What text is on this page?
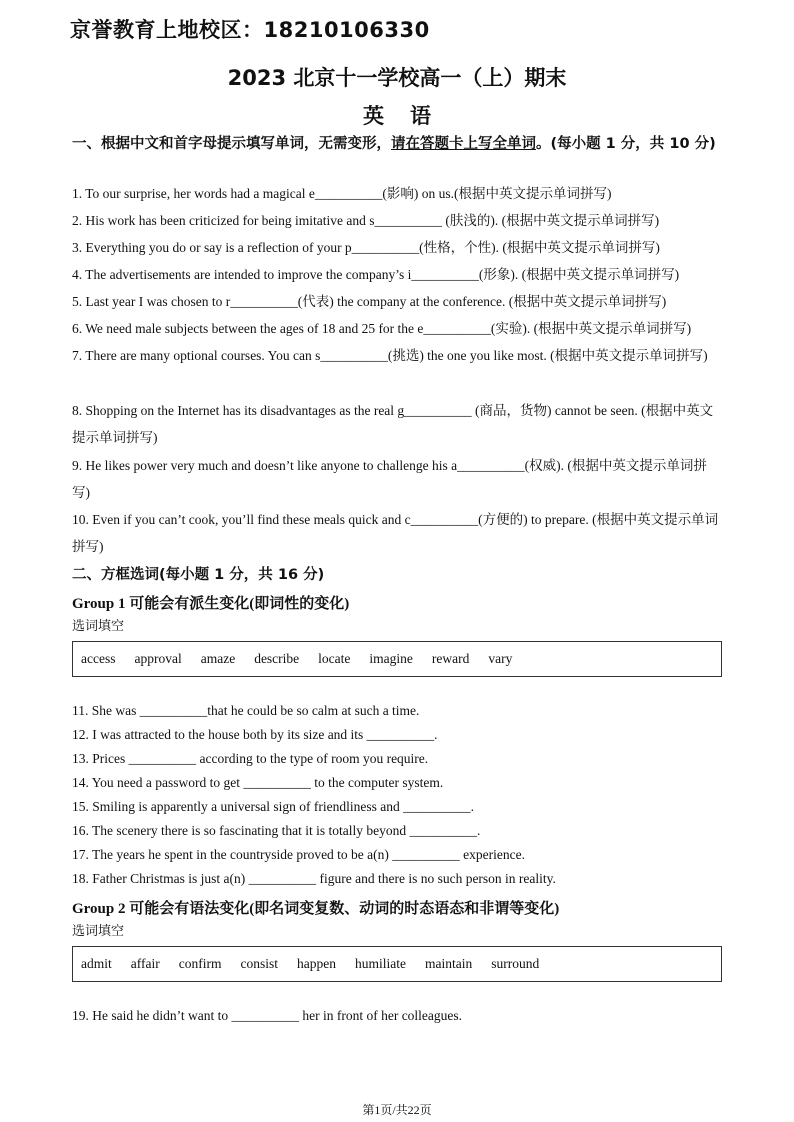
京誉教育上地校区：18210106330
2023 北京十一学校高一（上）期末
英语
一、根据中文和首字母提示填写单词，无需变形，请在答题卡上写全单词。(每小题 1 分，共 10 分)
1. To our surprise, her words had a magical e__________(影响) on us.(根据中英文提示单词拼写)
2. His work has been criticized for being imitative and s__________ (肤浅的). (根据中英文提示单词拼写)
3. Everything you do or say is a reflection of your p__________(性格，个性). (根据中英文提示单词拼写)
4. The advertisements are intended to improve the company’s i__________(形象). (根据中英文提示单词拼写)
5. Last year I was chosen to r__________(代表) the company at the conference. (根据中英文提示单词拼写)
6. We need male subjects between the ages of 18 and 25 for the e__________(实验). (根据中英文提示单词拼写)
7. There are many optional courses. You can s__________(挑选) the one you like most. (根据中英文提示单词拼写)
8. Shopping on the Internet has its disadvantages as the real g__________ (商品，货物) cannot be seen. (根据中英文提示单词拼写)
9. He likes power very much and doesn’t like anyone to challenge his a__________(权威). (根据中英文提示单词拼写)
10. Even if you can’t cook, you’ll find these meals quick and c__________(方便的) to prepare. (根据中英文提示单词拼写)
二、方框选词(每小题 1 分，共 16 分)
Group 1 可能会有派生变化(即词性的变化)
选词填空
access approval amaze describe locate imagine reward vary
11. She was __________that he could be so calm at such a time.
12. I was attracted to the house both by its size and its __________.
13. Prices __________ according to the type of room you require.
14. You need a password to get __________ to the computer system.
15. Smiling is apparently a universal sign of friendliness and __________.
16. The scenery there is so fascinating that it is totally beyond __________.
17. The years he spent in the countryside proved to be a(n) __________ experience.
18. Father Christmas is just a(n) __________ figure and there is no such person in reality.
Group 2 可能会有语法变化(即名词变复数、动词的时态语态和非谓等变化)
选词填空
admit affair confirm consist happen humiliate maintain surround
19. He said he didn’t want to __________ her in front of her colleagues.
第1页/共22页
